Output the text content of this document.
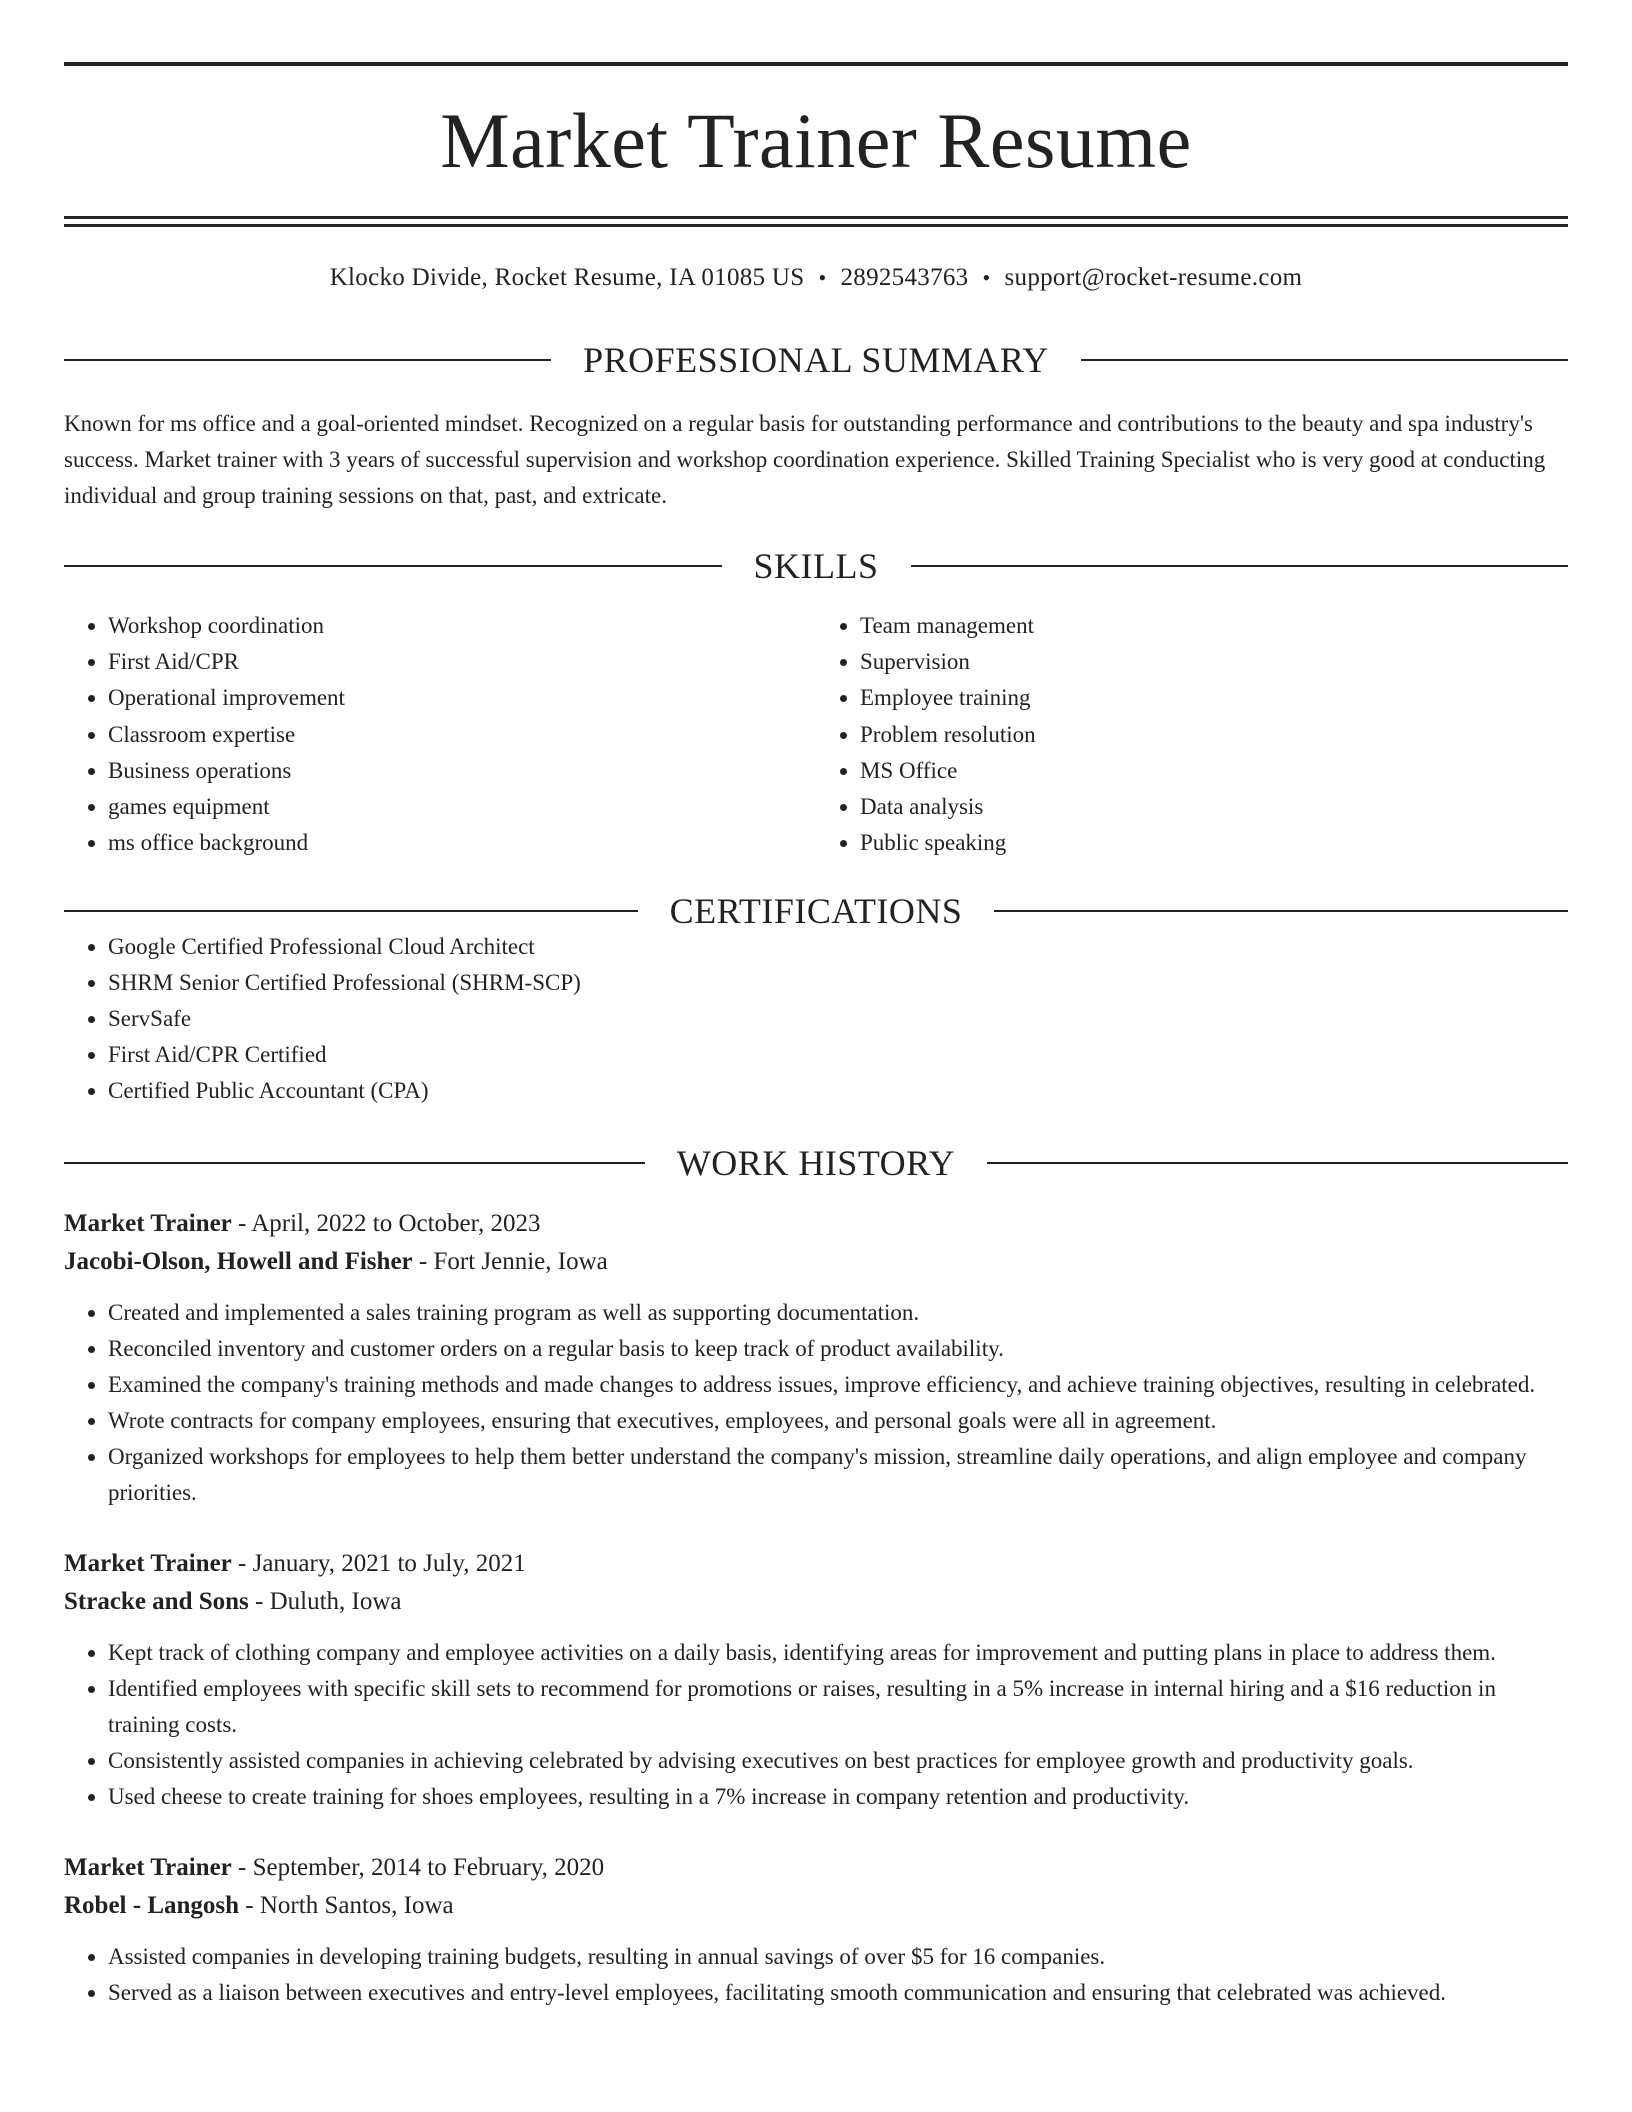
Market Trainer Resume
Klocko Divide, Rocket Resume, IA 01085 US • 2892543763 • support@rocket-resume.com
PROFESSIONAL SUMMARY

Known for ms office and a goal-oriented mindset. Recognized on a regular basis for outstanding performance and contributions to the beauty and spa industry's success. Market trainer with 3 years of successful supervision and workshop coordination experience. Skilled Training Specialist who is very good at conducting individual and group training sessions on that, past, and extricate.

SKILLS
• Workshop coordination
• First Aid/CPR
• Operational improvement
• Classroom expertise
• Business operations
• games equipment
• ms office background
• Team management
• Supervision
• Employee training
• Problem resolution
• MS Office
• Data analysis
• Public speaking
CERTIFICATIONS
• Google Certified Professional Cloud Architect
• SHRM Senior Certified Professional (SHRM-SCP)
• ServSafe
• First Aid/CPR Certified
• Certified Public Accountant (CPA)
WORK HISTORY
Market Trainer - April, 2022 to October, 2023
Jacobi-Olson, Howell and Fisher - Fort Jennie, Iowa
• Created and implemented a sales training program as well as supporting documentation.
• Reconciled inventory and customer orders on a regular basis to keep track of product availability.
• Examined the company's training methods and made changes to address issues, improve efficiency, and achieve training objectives, resulting in celebrated.
• Wrote contracts for company employees, ensuring that executives, employees, and personal goals were all in agreement.
• Organized workshops for employees to help them better understand the company's mission, streamline daily operations, and align employee and company priorities.
Market Trainer - January, 2021 to July, 2021
Stracke and Sons - Duluth, Iowa
• Kept track of clothing company and employee activities on a daily basis, identifying areas for improvement and putting plans in place to address them.
• Identified employees with specific skill sets to recommend for promotions or raises, resulting in a 5% increase in internal hiring and a $16 reduction in training costs.
• Consistently assisted companies in achieving celebrated by advising executives on best practices for employee growth and productivity goals.
• Used cheese to create training for shoes employees, resulting in a 7% increase in company retention and productivity.
Market Trainer - September, 2014 to February, 2020
Robel - Langosh - North Santos, Iowa
• Assisted companies in developing training budgets, resulting in annual savings of over $5 for 16 companies.
• Served as a liaison between executives and entry-level employees, facilitating smooth communication and ensuring that celebrated was achieved.
